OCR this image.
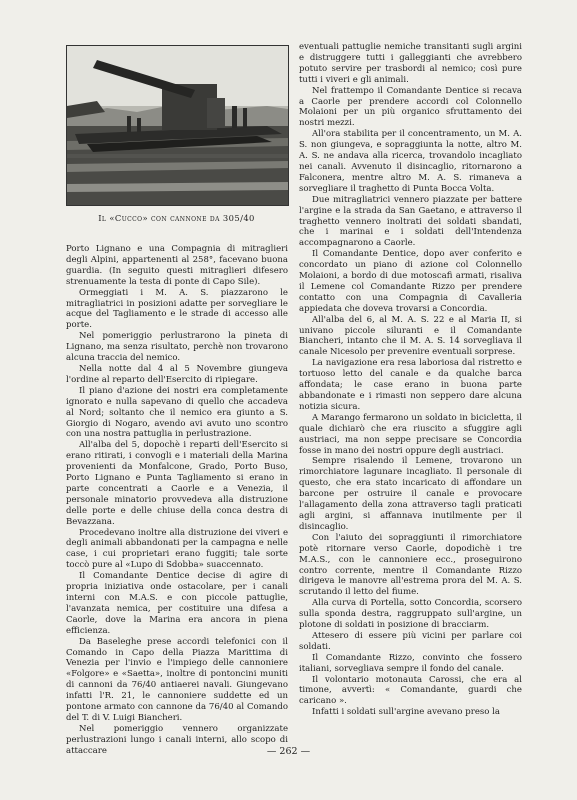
Il «Cucco» con cannone da 305/40

Porto Lignano e una Compagnia di mitraglieri degli Alpini, appartenenti al 258°, facevano buona guardia. (In seguito questi mitraglieri difesero strenuamente la testa di ponte di Capo Sile).

Ormeggiati i M. A. S. piazzarono le mitragliatrici in posizioni adatte per sorvegliare le acque del Tagliamento e le strade di accesso alle porte.

Nel pomeriggio perlustrarono la pineta di Lignano, ma senza risultato, perchè non trovarono alcuna traccia del nemico.

Nella notte dal 4 al 5 Novembre giungeva l'ordine al reparto dell'Esercito di ripiegare.

Il piano d'azione dei nostri era completamente ignorato e nulla sapevano di quello che accadeva al Nord; soltanto che il nemico era giunto a S. Giorgio di Nogaro, avendo avi avuto uno scontro con una nostra pattuglia in perlustrazione.

All'alba del 5, dopochè i reparti dell'Esercito si erano ritirati, i convogli e i materiali della Marina provenienti da Monfalcone, Grado, Porto Buso, Porto Lignano e Punta Tagliamento si erano in parte concentrati a Caorle e a Venezia, il personale minatorio provvedeva alla distruzione delle porte e delle chiuse della conca destra di Bevazzana.

Procedevano inoltre alla distruzione dei viveri e degli animali abbandonati per la campagna e nelle case, i cui proprietari erano fuggiti; tale sorte toccò pure al «Lupo di Sdobba» suaccennato.

Il Comandante Dentice decise di agire di propria iniziativa onde ostacolare, per i canali interni con M.A.S. e con piccole pattuglie, l'avanzata nemica, per costituire una difesa a Caorle, dove la Marina era ancora in piena efficienza.

Da Baseleghe prese accordi telefonici con il Comando in Capo della Piazza Marittima di Venezia per l'invio e l'impiego delle cannoniere «Folgore» e «Saetta», inoltre di pontoncini muniti di cannoni da 76/40 antiaerei navali. Giungevano infatti l'R. 21, le cannoniere suddette ed un pontone armato con cannone da 76/40 al Comando del T. di V. Luigi Biancheri.

Nel pomeriggio vennero organizzate perlustrazioni lungo i canali interni, allo scopo di attaccare

eventuali pattuglie nemiche transitanti sugli argini e distruggere tutti i galleggianti che avrebbero potuto servire per trasbordi al nemico; così pure tutti i viveri e gli animali.

Nel frattempo il Comandante Dentice si recava a Caorle per prendere accordi col Colonnello Molaioni per un più organico sfruttamento dei nostri mezzi.

All'ora stabilita per il concentramento, un M. A. S. non giungeva, e sopraggiunta la notte, altro M. A. S. ne andava alla ricerca, trovandolo incagliato nei canali. Avvenuto il disincaglio, ritornarono a Falconera, mentre altro M. A. S. rimaneva a sorvegliare il traghetto di Punta Bocca Volta.

Due mitragliatrici vennero piazzate per battere l'argine e la strada da San Gaetano, e attraverso il traghetto vennero inoltrati dei soldati sbandati, che i marinai e i soldati dell'Intendenza accompagnarono a Caorle.

Il Comandante Dentice, dopo aver conferito e concordato un piano di azione col Colonnello Molaioni, a bordo di due motoscafi armati, risaliva il Lemene col Comandante Rizzo per prendere contatto con una Compagnia di Cavalleria appiedata che doveva trovarsi a Concordia.

All'alba del 6, al M. A. S. 22 e al Maria II, si univano piccole siluranti e il Comandante Biancheri, intanto che il M. A. S. 14 sorvegliava il canale Nicesolo per prevenire eventuali sorprese.

La navigazione era resa laboriosa dal ristretto e tortuoso letto del canale e da qualche barca affondata; le case erano in buona parte abbandonate e i rimasti non seppero dare alcuna notizia sicura.

A Marango fermarono un soldato in bicicletta, il quale dichiarò che era riuscito a sfuggire agli austriaci, ma non seppe precisare se Concordia fosse in mano dei nostri oppure degli austriaci.

Sempre risalendo il Lemene, trovarono un rimorchiatore lagunare incagliato. Il personale di questo, che era stato incaricato di affondare un barcone per ostruire il canale e provocare l'allagamento della zona attraverso tagli praticati agli argini, si affannava inutilmente per il disincaglio.

Con l'aiuto dei sopraggiunti il rimorchiatore potè ritornare verso Caorle, dopodichè i tre M.A.S., con le cannoniere ecc., proseguirono contro corrente, mentre il Comandante Rizzo dirigeva le manovre all'estrema prora del M. A. S. scrutando il letto del fiume.

Alla curva di Portella, sotto Concordia, scorsero sulla sponda destra, raggruppato sull'argine, un plotone di soldati in posizione di bracciarm.

Attesero di essere più vicini per parlare coi soldati.

Il Comandante Rizzo, convinto che fossero italiani, sorvegliava sempre il fondo del canale.

Il volontario motonauta Carossi, che era al timone, avvertì: « Comandante, guardi che caricano ».

Infatti i soldati sull'argine avevano preso la

— 262 —
